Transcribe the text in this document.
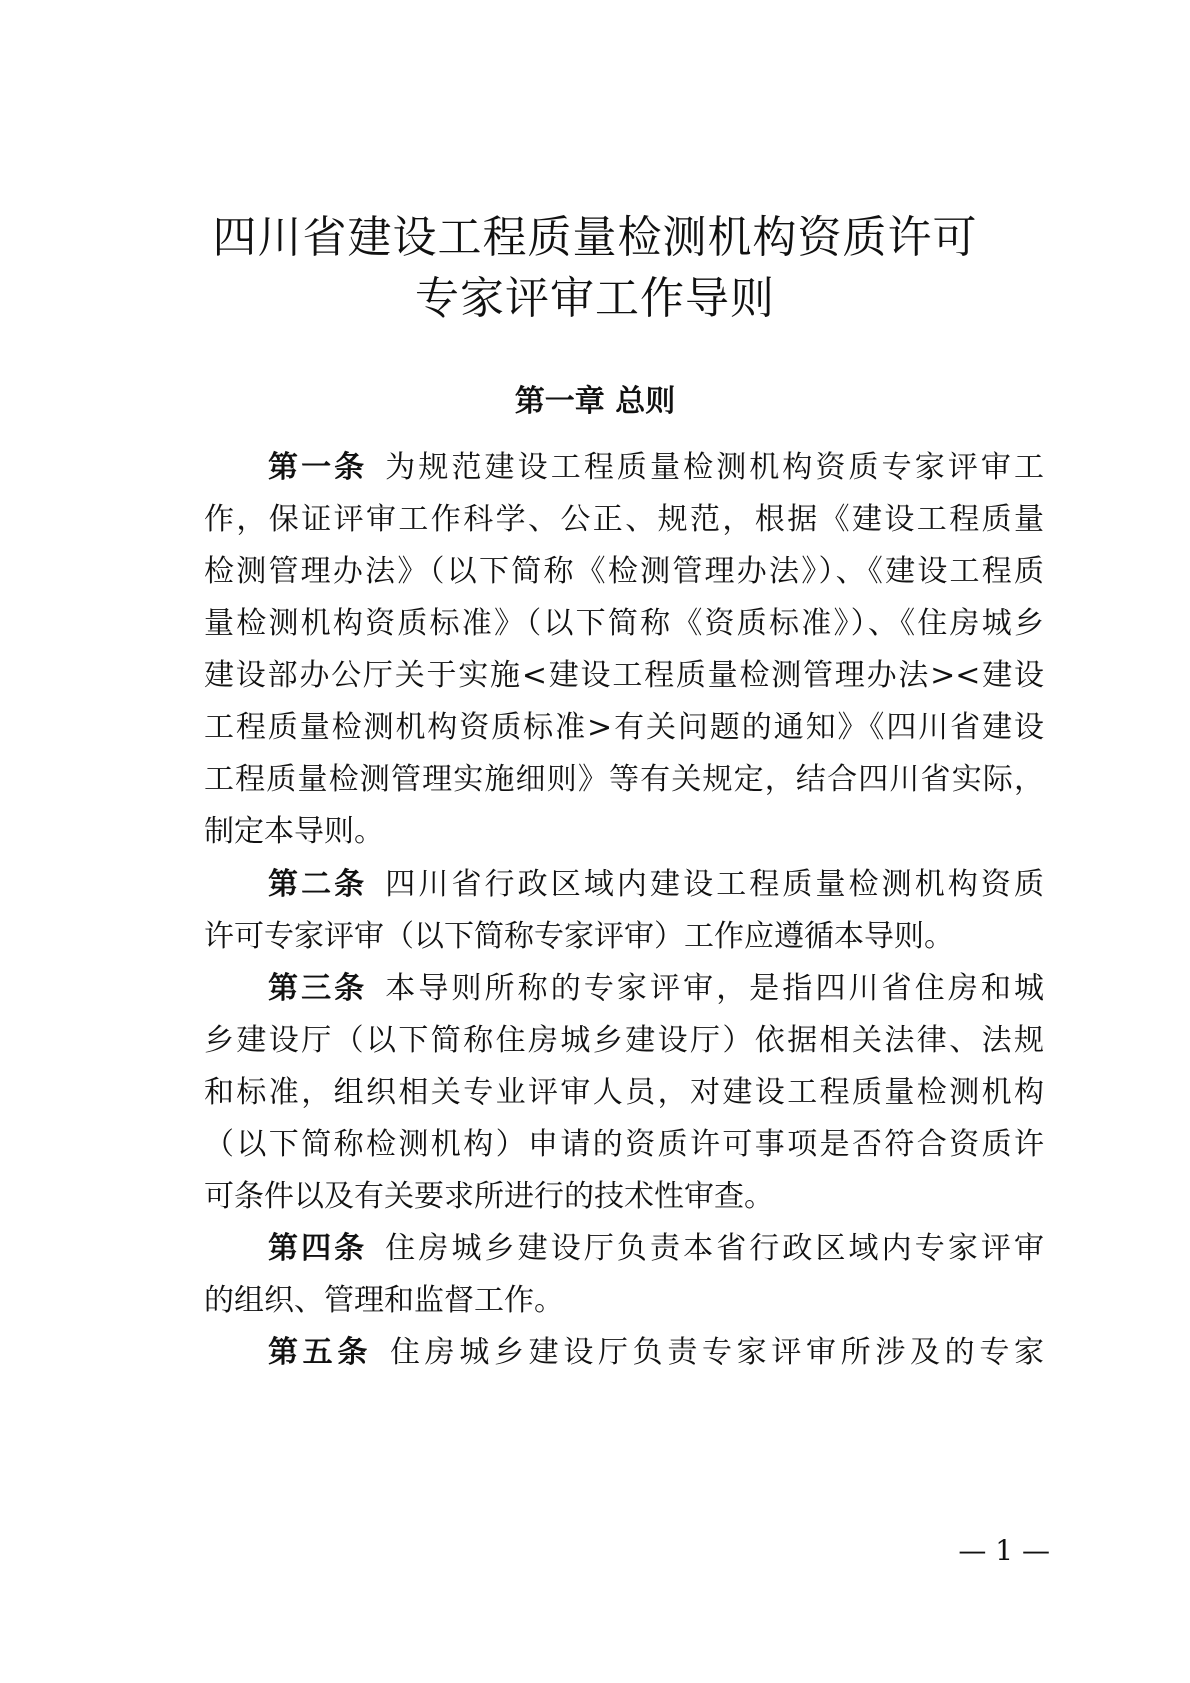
四川省建设工程质量检测机构资质许可
专家评审工作导则
第一章 总则
第一条 为规范建设工程质量检测机构资质专家评审工
作，保证评审工作科学、公正、规范，根据《建设工程质量
检测管理办法》（以下简称《检测管理办法》）、《建设工程质
量检测机构资质标准》（以下简称《资质标准》）、《住房城乡
建设部办公厅关于实施<建设工程质量检测管理办法><建设
工程质量检测机构资质标准>有关问题的通知》《四川省建设
工程质量检测管理实施细则》等有关规定，结合四川省实际，
制定本导则。
第二条 四川省行政区域内建设工程质量检测机构资质
许可专家评审（以下简称专家评审）工作应遵循本导则。
第三条 本导则所称的专家评审，是指四川省住房和城
乡建设厅（以下简称住房城乡建设厅）依据相关法律、法规
和标准，组织相关专业评审人员，对建设工程质量检测机构
（以下简称检测机构）申请的资质许可事项是否符合资质许
可条件以及有关要求所进行的技术性审查。
第四条 住房城乡建设厅负责本省行政区域内专家评审
的组织、管理和监督工作。
第五条 住房城乡建设厅负责专家评审所涉及的专家
— 1 —
